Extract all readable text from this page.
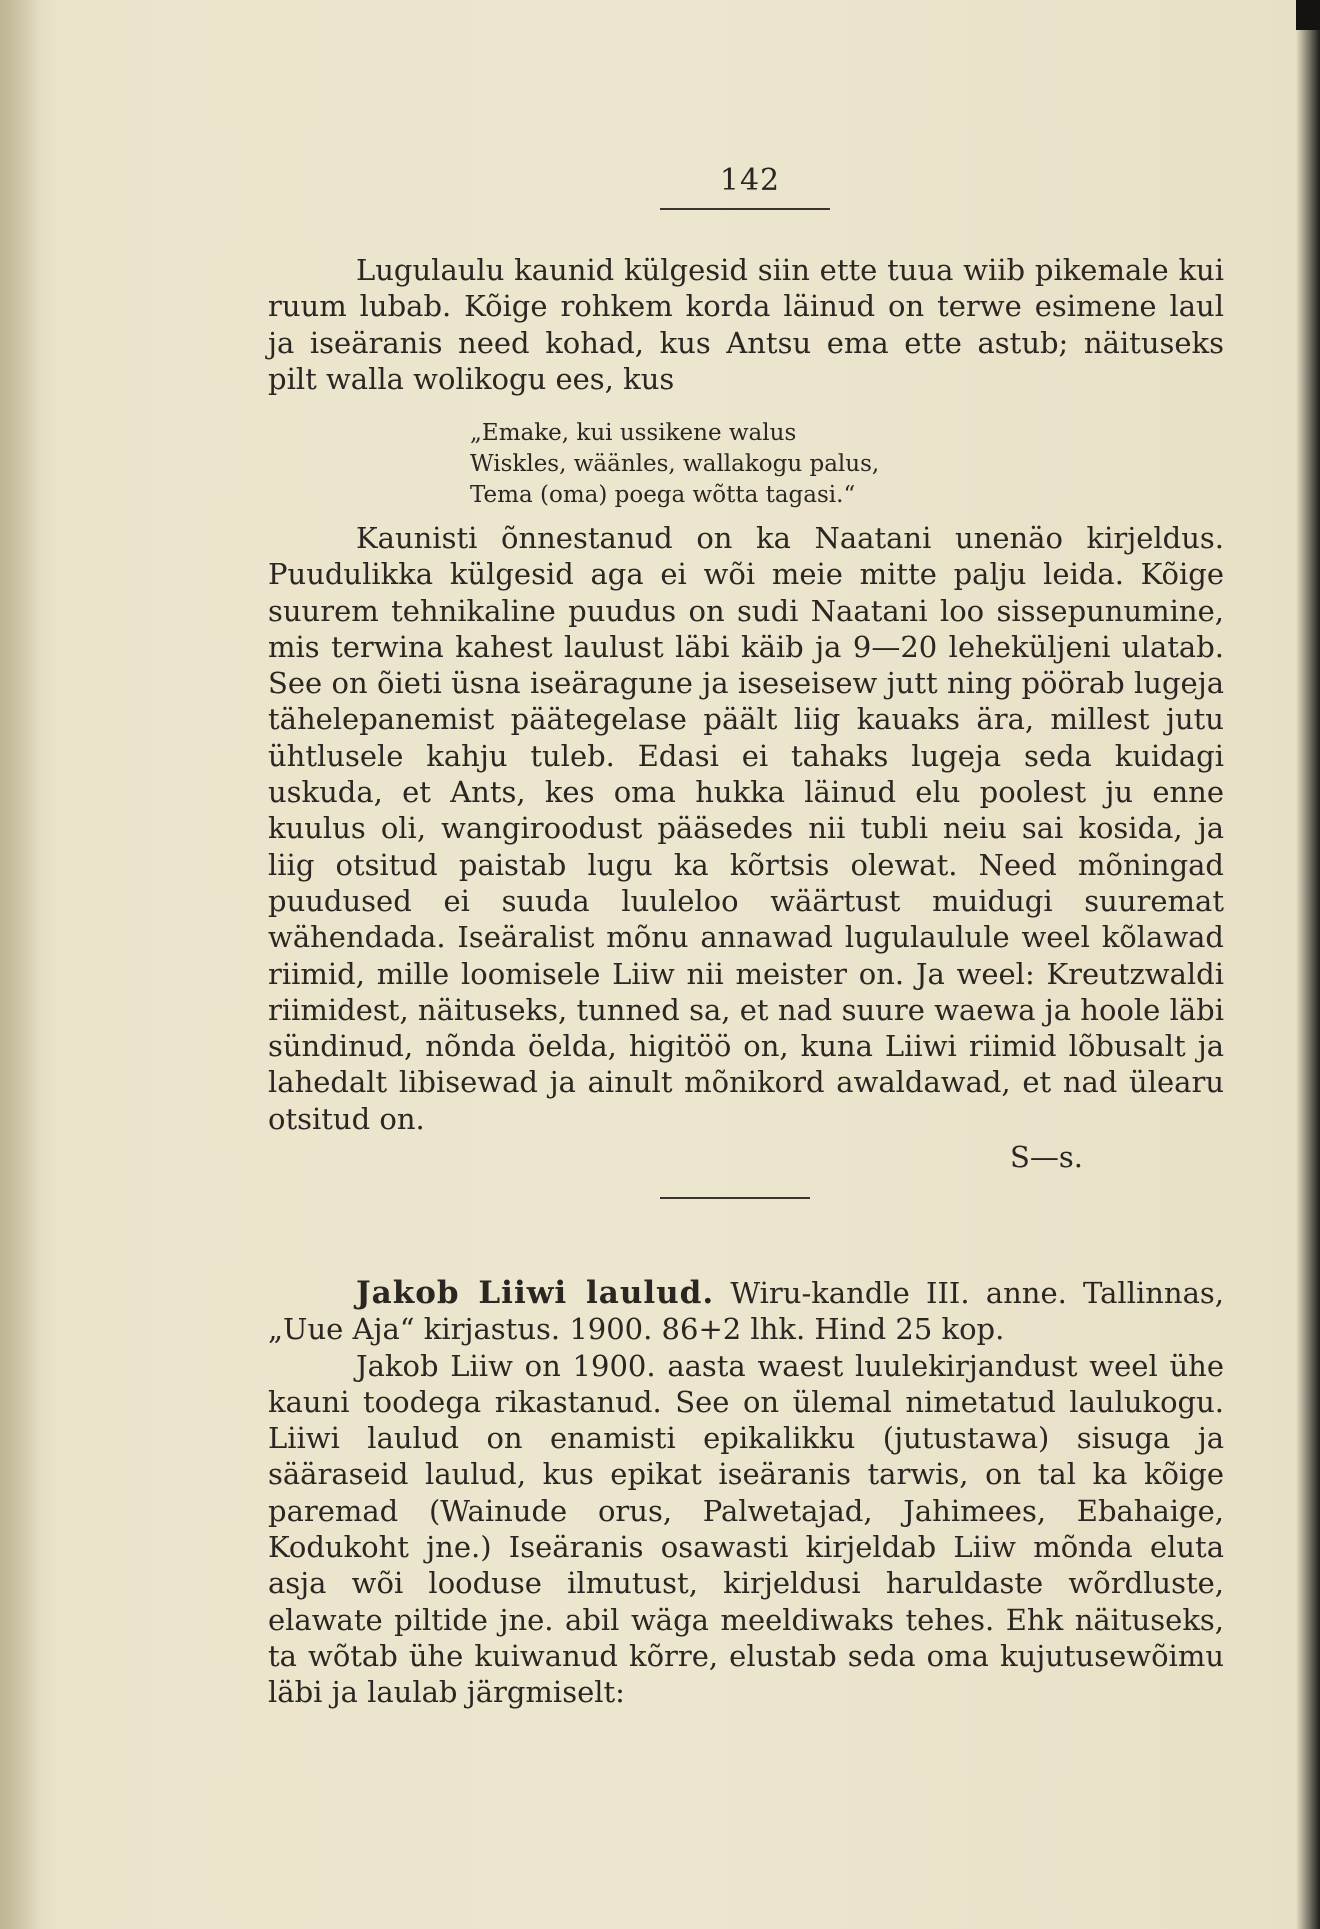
142

Lugulaulu kaunid külgesid siin ette tuua wiib pikemale kui ruum lubab. Kõige rohkem korda läinud on terwe esimene laul ja iseäranis need kohad, kus Antsu ema ette astub; näituseks pilt walla wolikogu ees, kus

„Emake, kui ussikene walus
Wiskles, wäänles, wallakogu palus,
Tema (oma) poega wõtta tagasi.“

Kaunisti õnnestanud on ka Naatani unenäo kirjeldus. Puudulikka külgesid aga ei wõi meie mitte palju leida. Kõige suurem tehnikaline puudus on sudi Naatani loo sissepunumine, mis terwina kahest laulust läbi käib ja 9—20 leheküljeni ulatab. See on õieti üsna iseäragune ja iseseisew jutt ning pöörab lugeja tähelepanemist päätegelase päält liig kauaks ära, millest jutu ühtlusele kahju tuleb. Edasi ei tahaks lugeja seda kuidagi uskuda, et Ants, kes oma hukka läinud elu poolest ju enne kuulus oli, wangiroodust pääsedes nii tubli neiu sai kosida, ja liig otsitud paistab lugu ka kõrtsis olewat. Need mõningad puudused ei suuda luuleloo wäärtust muidugi suuremat wähendada. Iseäralist mõnu annawad lugulaulule weel kõlawad riimid, mille loomisele Liiw nii meister on. Ja weel: Kreutzwaldi riimidest, näituseks, tunned sa, et nad suure waewa ja hoole läbi sündinud, nõnda öelda, higitöö on, kuna Liiwi riimid lõbusalt ja lahedalt libisewad ja ainult mõnikord awaldawad, et nad ülearu otsitud on.

S—s.

Jakob Liiwi laulud. Wiru-kandle III. anne. Tallinnas, „Uue Aja“ kirjastus. 1900. 86+2 lhk. Hind 25 kop.

Jakob Liiw on 1900. aasta waest luulekirjandust weel ühe kauni toodega rikastanud. See on ülemal nimetatud laulukogu. Liiwi laulud on enamisti epikalikku (jutustawa) sisuga ja sääraseid laulud, kus epikat iseäranis tarwis, on tal ka kõige paremad (Wainude orus, Palwetajad, Jahimees, Ebahaige, Kodukoht jne.) Iseäranis osawasti kirjeldab Liiw mõnda eluta asja wõi looduse ilmutust, kirjeldusi haruldaste wõrdluste, elawate piltide jne. abil wäga meeldiwaks tehes. Ehk näituseks, ta wõtab ühe kuiwanud kõrre, elustab seda oma kujutusewõimu läbi ja laulab järgmiselt:
